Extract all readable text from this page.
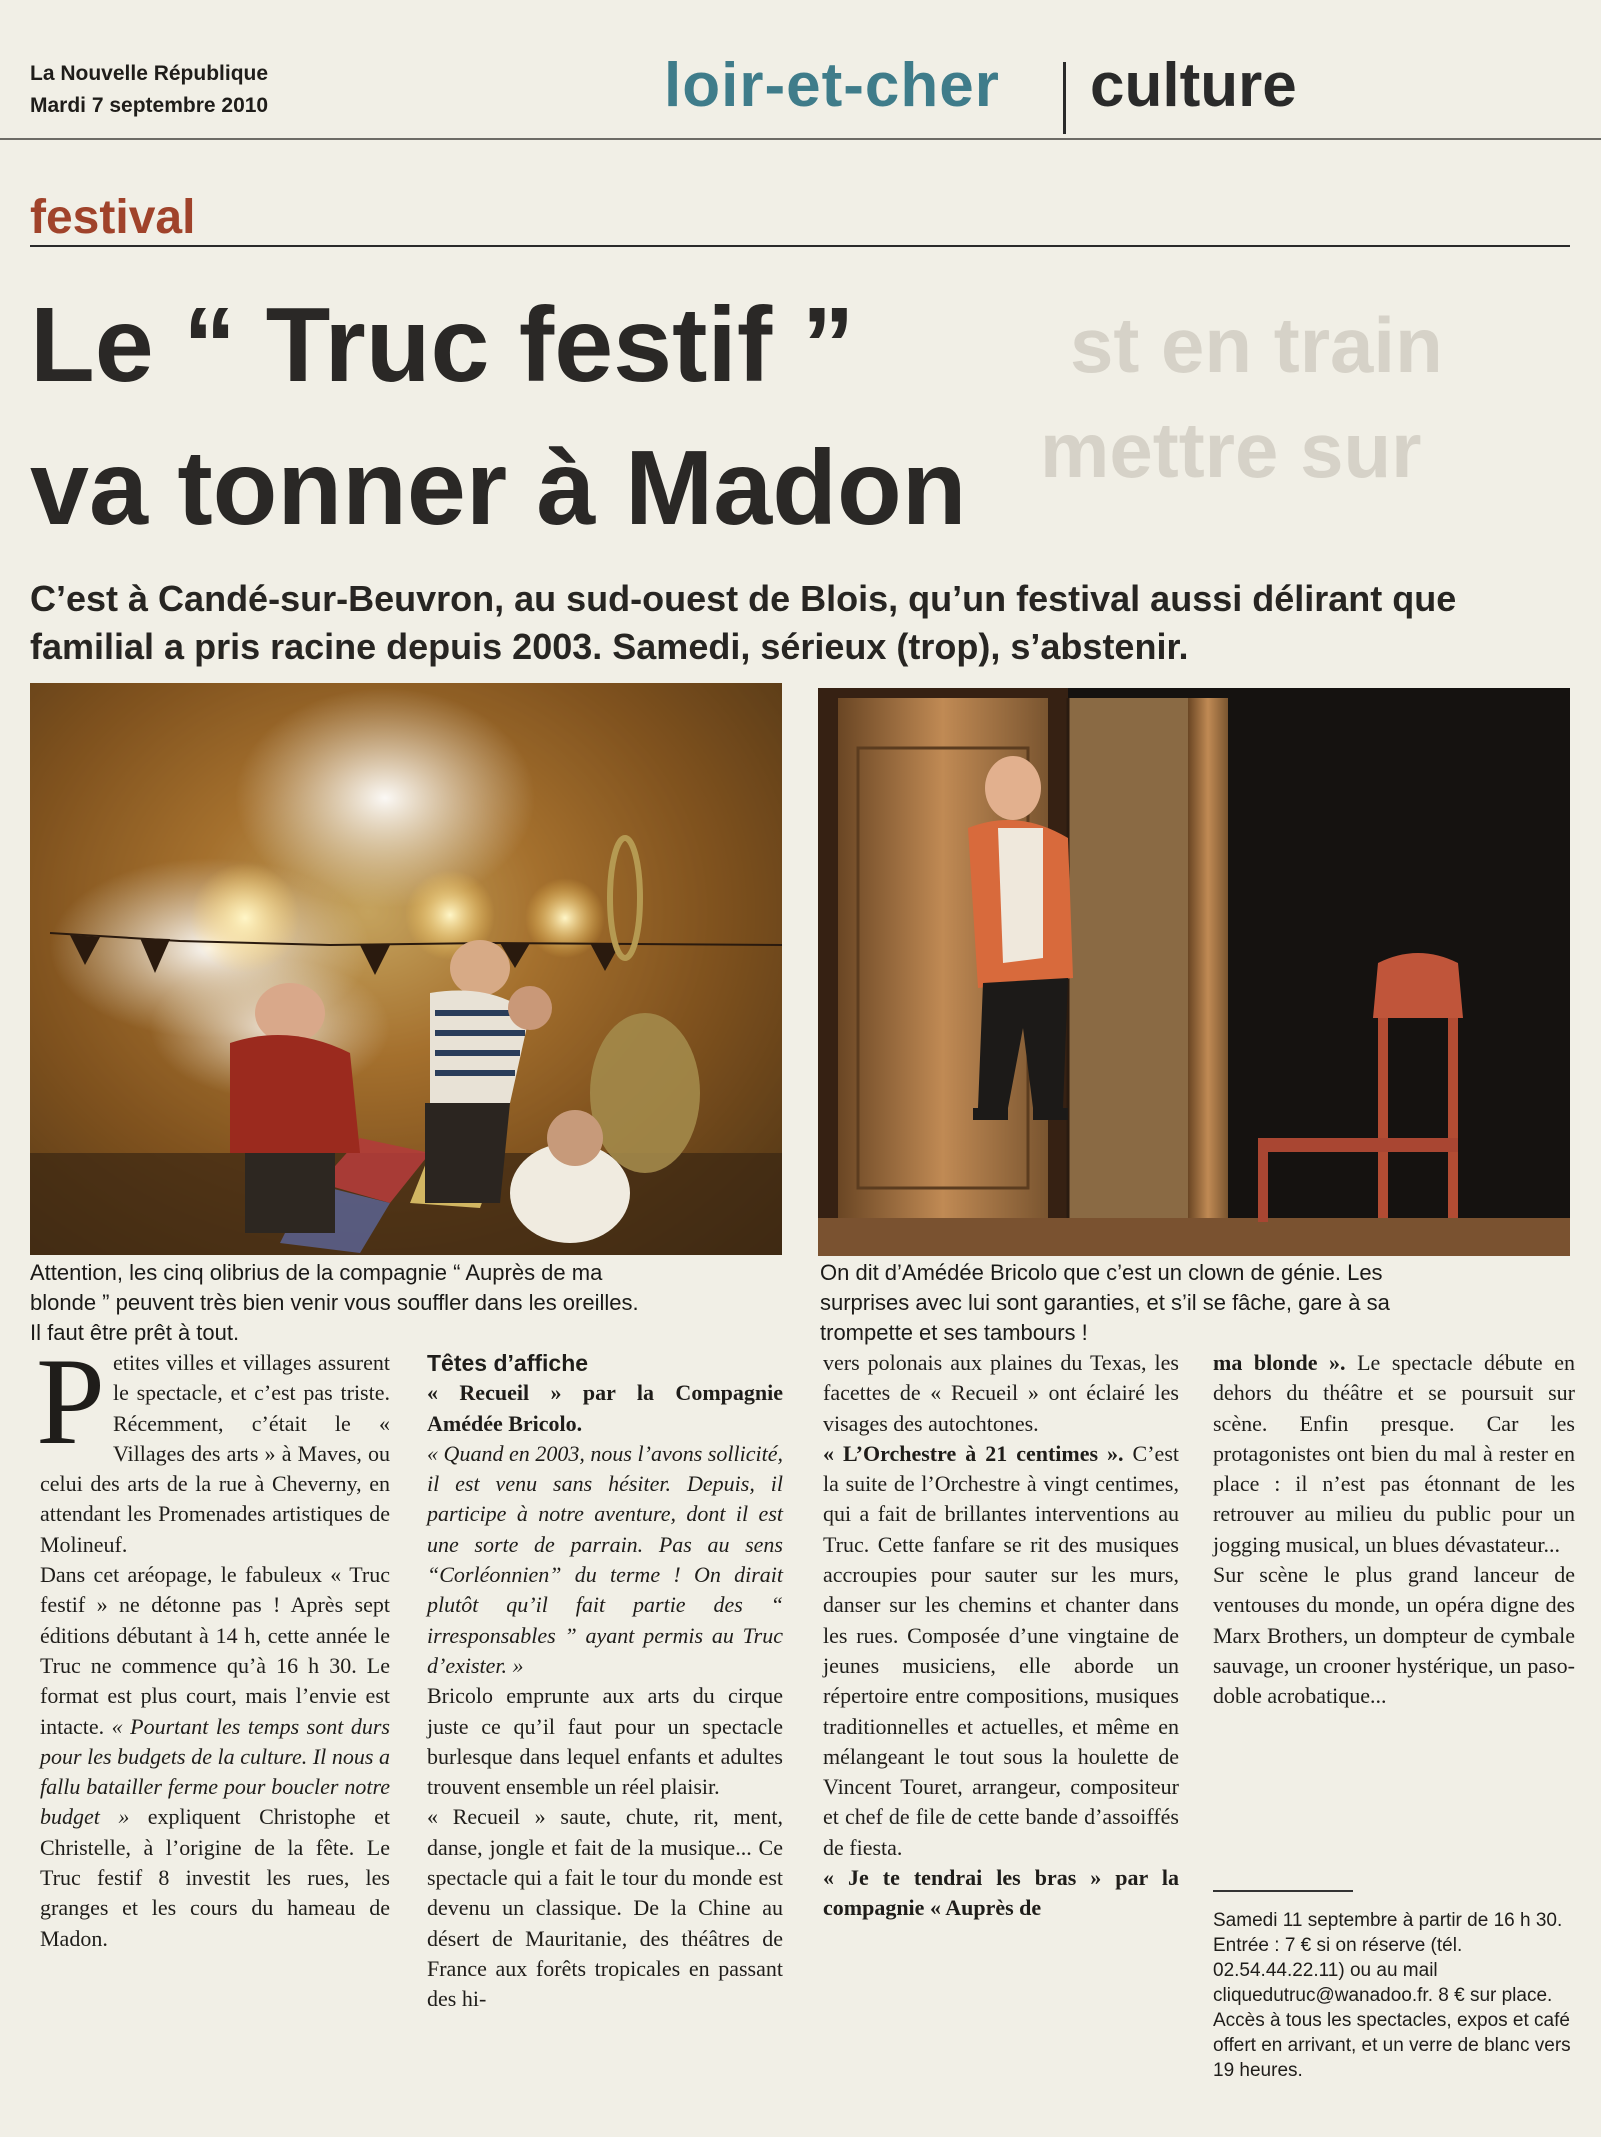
st en train
mettre sur
La Nouvelle République
Mardi 7 septembre 2010	loir-et-cher culture
festival
Le “ Truc festif ”
va tonner à Madon
C’est à Candé-sur-Beuvron, au sud-ouest de Blois, qu’un festival aussi délirant que familial a pris racine depuis 2003. Samedi, sérieux (trop), s’abstenir.
Attention, les cinq olibrius de la compagnie “ Auprès de ma blonde ” peuvent très bien venir vous souffler dans les oreilles. Il faut être prêt à tout.
On dit d’Amédée Bricolo que c’est un clown de génie. Les surprises avec lui sont garanties, et s’il se fâche, gare à sa trompette et ses tambours !

Petites villes et villages assurent le spectacle, et c’est pas triste. Récemment, c’était le « Villages des arts » à Maves, ou celui des arts de la rue à Cheverny, en attendant les Promenades artistiques de Molineuf.

Dans cet aréopage, le fabuleux « Truc festif » ne détonne pas ! Après sept éditions débutant à 14 h, cette année le Truc ne commence qu’à 16 h 30. Le format est plus court, mais l’envie est intacte. « Pourtant les temps sont durs pour les budgets de la culture. Il nous a fallu batailler ferme pour boucler notre budget » expliquent Christophe et Christelle, à l’origine de la fête. Le Truc festif 8 investit les rues, les granges et les cours du hameau de Madon.

Têtes d’affiche

« Recueil » par la Compagnie Amédée Bricolo.

« Quand en 2003, nous l’avons sollicité, il est venu sans hésiter. Depuis, il participe à notre aventure, dont il est une sorte de parrain. Pas au sens “Corléonnien” du terme ! On dirait plutôt qu’il fait partie des “ irresponsables ” ayant permis au Truc d’exister. »

Bricolo emprunte aux arts du cirque juste ce qu’il faut pour un spectacle burlesque dans lequel enfants et adultes trouvent ensemble un réel plaisir.

« Recueil » saute, chute, rit, ment, danse, jongle et fait de la musique... Ce spectacle qui a fait le tour du monde est devenu un classique. De la Chine au désert de Mauritanie, des théâtres de France aux forêts tropicales en passant des hi-

vers polonais aux plaines du Texas, les facettes de « Recueil » ont éclairé les visages des autochtones.

« L’Orchestre à 21 centimes ». C’est la suite de l’Orchestre à vingt centimes, qui a fait de brillantes interventions au Truc. Cette fanfare se rit des musiques accroupies pour sauter sur les murs, danser sur les chemins et chanter dans les rues. Composée d’une vingtaine de jeunes musiciens, elle aborde un répertoire entre compositions, musiques traditionnelles et actuelles, et même en mélangeant le tout sous la houlette de Vincent Touret, arrangeur, compositeur et chef de file de cette bande d’assoiffés de fiesta.

« Je te tendrai les bras » par la compagnie « Auprès de

ma blonde ». Le spectacle débute en dehors du théâtre et se poursuit sur scène. Enfin presque. Car les protagonistes ont bien du mal à rester en place : il n’est pas étonnant de les retrouver au milieu du public pour un jogging musical, un blues dévastateur...

Sur scène le plus grand lanceur de ventouses du monde, un opéra digne des Marx Brothers, un dompteur de cymbale sauvage, un crooner hystérique, un paso-doble acrobatique...

Samedi 11 septembre à partir de 16 h 30. Entrée : 7 € si on réserve (tél. 02.54.44.22.11) ou au mail cliquedutruc@wanadoo.fr. 8 € sur place. Accès à tous les spectacles, expos et café offert en arrivant, et un verre de blanc vers 19 heures.
